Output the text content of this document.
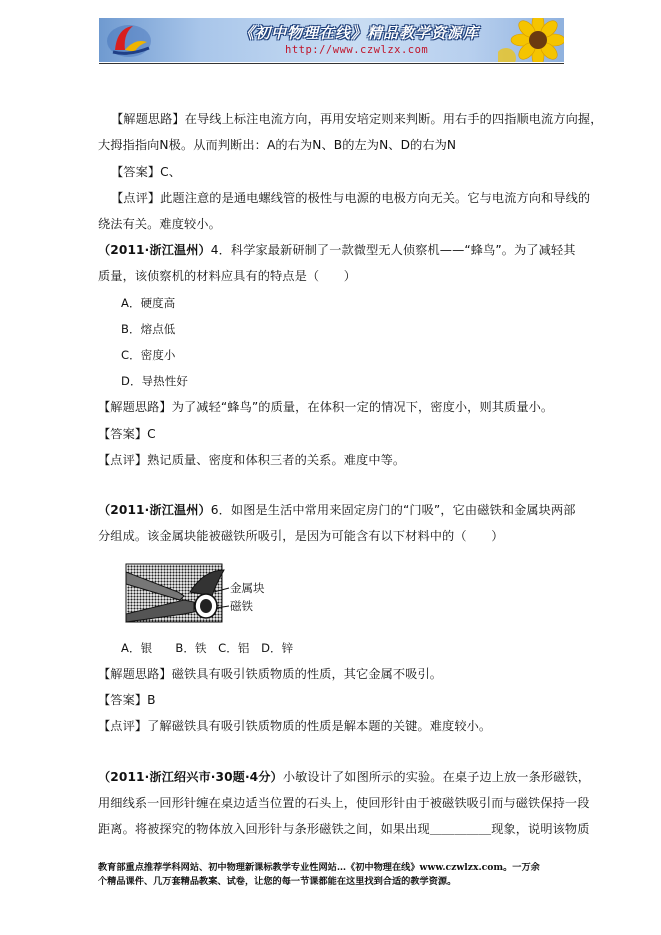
《初中物理在线》精品教学资源库
http://www.czwlzx.com
【解题思路】在导线上标注电流方向，再用安培定则来判断。用右手的四指顺电流方向握，
大拇指指向N极。从而判断出：A的右为N、B的左为N、D的右为N
【答案】C、
【点评】此题注意的是通电螺线管的极性与电源的电极方向无关。它与电流方向和导线的
绕法有关。难度较小。
（2011·浙江温州）4．科学家最新研制了一款微型无人侦察机——“蜂鸟”。为了减轻其
质量，该侦察机的材料应具有的特点是（　　）
A．硬度高
B．熔点低
C．密度小
D．导热性好
【解题思路】为了减轻“蜂鸟”的质量，在体积一定的情况下，密度小，则其质量小。
【答案】C
【点评】熟记质量、密度和体积三者的关系。难度中等。
（2011·浙江温州）6．如图是生活中常用来固定房门的“门吸”，它由磁铁和金属块两部
分组成。该金属块能被磁铁所吸引，是因为可能含有以下材料中的（　　）
金属块
磁铁
A．银　　B．铁　C．铝　D．锌
【解题思路】磁铁具有吸引铁质物质的性质，其它金属不吸引。
【答案】B
【点评】了解磁铁具有吸引铁质物质的性质是解本题的关键。难度较小。
（2011·浙江绍兴市·30题·4分）小敏设计了如图所示的实验。在桌子边上放一条形磁铁，
用细线系一回形针缠在桌边适当位置的石头上，使回形针由于被磁铁吸引而与磁铁保持一段
距离。将被探究的物体放入回形针与条形磁铁之间，如果出现＿＿＿＿＿现象，说明该物质
教育部重点推荐学科网站、初中物理新课标教学专业性网站…《初中物理在线》www.czwlzx.com。一万余
个精品课件、几万套精品教案、试卷，让您的每一节课都能在这里找到合适的教学资源。
